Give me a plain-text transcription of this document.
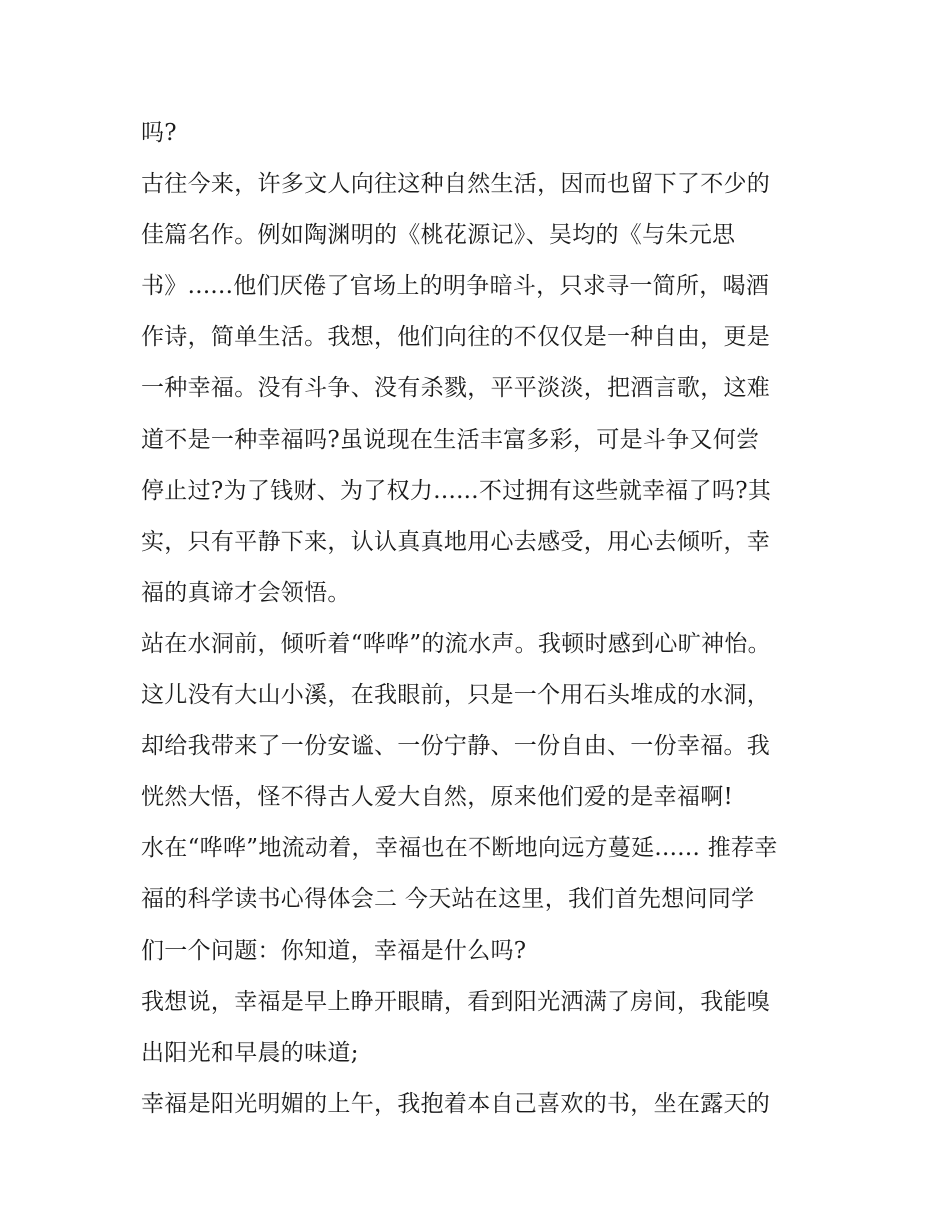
吗?
古往今来，许多文人向往这种自然生活，因而也留下了不少的
佳篇名作。例如陶渊明的《桃花源记》、吴均的《与朱元思
书》......他们厌倦了官场上的明争暗斗，只求寻一简所，喝酒
作诗，简单生活。我想，他们向往的不仅仅是一种自由，更是
一种幸福。没有斗争、没有杀戮，平平淡淡，把酒言歌，这难
道不是一种幸福吗?虽说现在生活丰富多彩，可是斗争又何尝
停止过?为了钱财、为了权力......不过拥有这些就幸福了吗?其
实，只有平静下来，认认真真地用心去感受，用心去倾听，幸
福的真谛才会领悟。
站在水洞前，倾听着“哗哗”的流水声。我顿时感到心旷神怡。
这儿没有大山小溪，在我眼前，只是一个用石头堆成的水洞，
却给我带来了一份安谧、一份宁静、一份自由、一份幸福。我
恍然大悟，怪不得古人爱大自然，原来他们爱的是幸福啊!
水在“哗哗”地流动着，幸福也在不断地向远方蔓延...... 推荐幸
福的科学读书心得体会二 今天站在这里，我们首先想问同学
们一个问题：你知道，幸福是什么吗?
我想说，幸福是早上睁开眼睛，看到阳光洒满了房间，我能嗅
出阳光和早晨的味道;
幸福是阳光明媚的上午，我抱着本自己喜欢的书，坐在露天的
